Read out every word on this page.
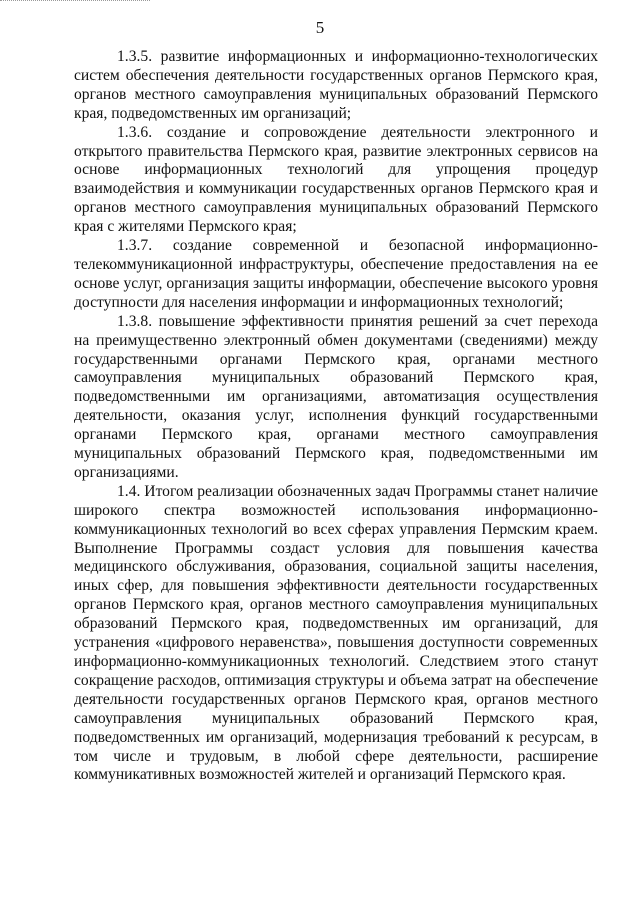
5

1.3.5. развитие информационных и информационно-технологических систем обеспечения деятельности государственных органов Пермского края, органов местного самоуправления муниципальных образований Пермского края, подведомственных им организаций;

1.3.6. создание и сопровождение деятельности электронного и открытого правительства Пермского края, развитие электронных сервисов на основе информационных технологий для упрощения процедур взаимодействия и коммуникации государственных органов Пермского края и органов местного самоуправления муниципальных образований Пермского края с жителями Пермского края;

1.3.7. создание современной и безопасной информационно-телекоммуникационной инфраструктуры, обеспечение предоставления на ее основе услуг, организация защиты информации, обеспечение высокого уровня доступности для населения информации и информационных технологий;

1.3.8. повышение эффективности принятия решений за счет перехода на преимущественно электронный обмен документами (сведениями) между государственными органами Пермского края, органами местного самоуправления муниципальных образований Пермского края, подведомственными им организациями, автоматизация осуществления деятельности, оказания услуг, исполнения функций государственными органами Пермского края, органами местного самоуправления муниципальных образований Пермского края, подведомственными им организациями.

1.4. Итогом реализации обозначенных задач Программы станет наличие широкого спектра возможностей использования информационно-коммуникационных технологий во всех сферах управления Пермским краем. Выполнение Программы создаст условия для повышения качества медицинского обслуживания, образования, социальной защиты населения, иных сфер, для повышения эффективности деятельности государственных органов Пермского края, органов местного самоуправления муниципальных образований Пермского края, подведомственных им организаций, для устранения «цифрового неравенства», повышения доступности современных информационно-коммуникационных технологий. Следствием этого станут сокращение расходов, оптимизация структуры и объема затрат на обеспечение деятельности государственных органов Пермского края, органов местного самоуправления муниципальных образований Пермского края, подведомственных им организаций, модернизация требований к ресурсам, в том числе и трудовым, в любой сфере деятельности, расширение коммуникативных возможностей жителей и организаций Пермского края.
